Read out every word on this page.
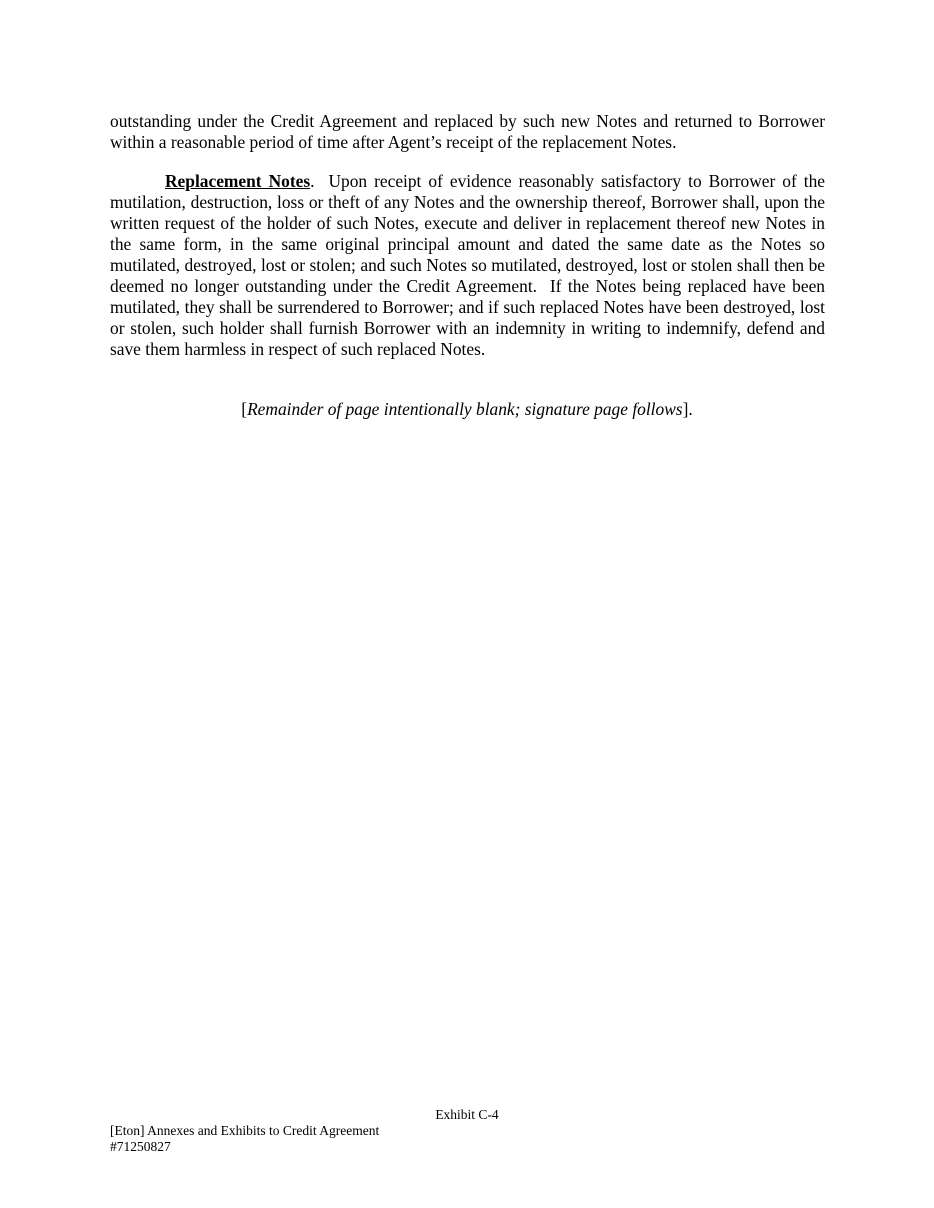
outstanding under the Credit Agreement and replaced by such new Notes and returned to Borrower within a reasonable period of time after Agent’s receipt of the replacement Notes.

Replacement Notes.  Upon receipt of evidence reasonably satisfactory to Borrower of the mutilation, destruction, loss or theft of any Notes and the ownership thereof, Borrower shall, upon the written request of the holder of such Notes, execute and deliver in replacement thereof new Notes in the same form, in the same original principal amount and dated the same date as the Notes so mutilated, destroyed, lost or stolen; and such Notes so mutilated, destroyed, lost or stolen shall then be deemed no longer outstanding under the Credit Agreement.  If the Notes being replaced have been mutilated, they shall be surrendered to Borrower; and if such replaced Notes have been destroyed, lost or stolen, such holder shall furnish Borrower with an indemnity in writing to indemnify, defend and save them harmless in respect of such replaced Notes.

[Remainder of page intentionally blank; signature page follows].

Exhibit C-4
[Eton] Annexes and Exhibits to Credit Agreement
#71250827
